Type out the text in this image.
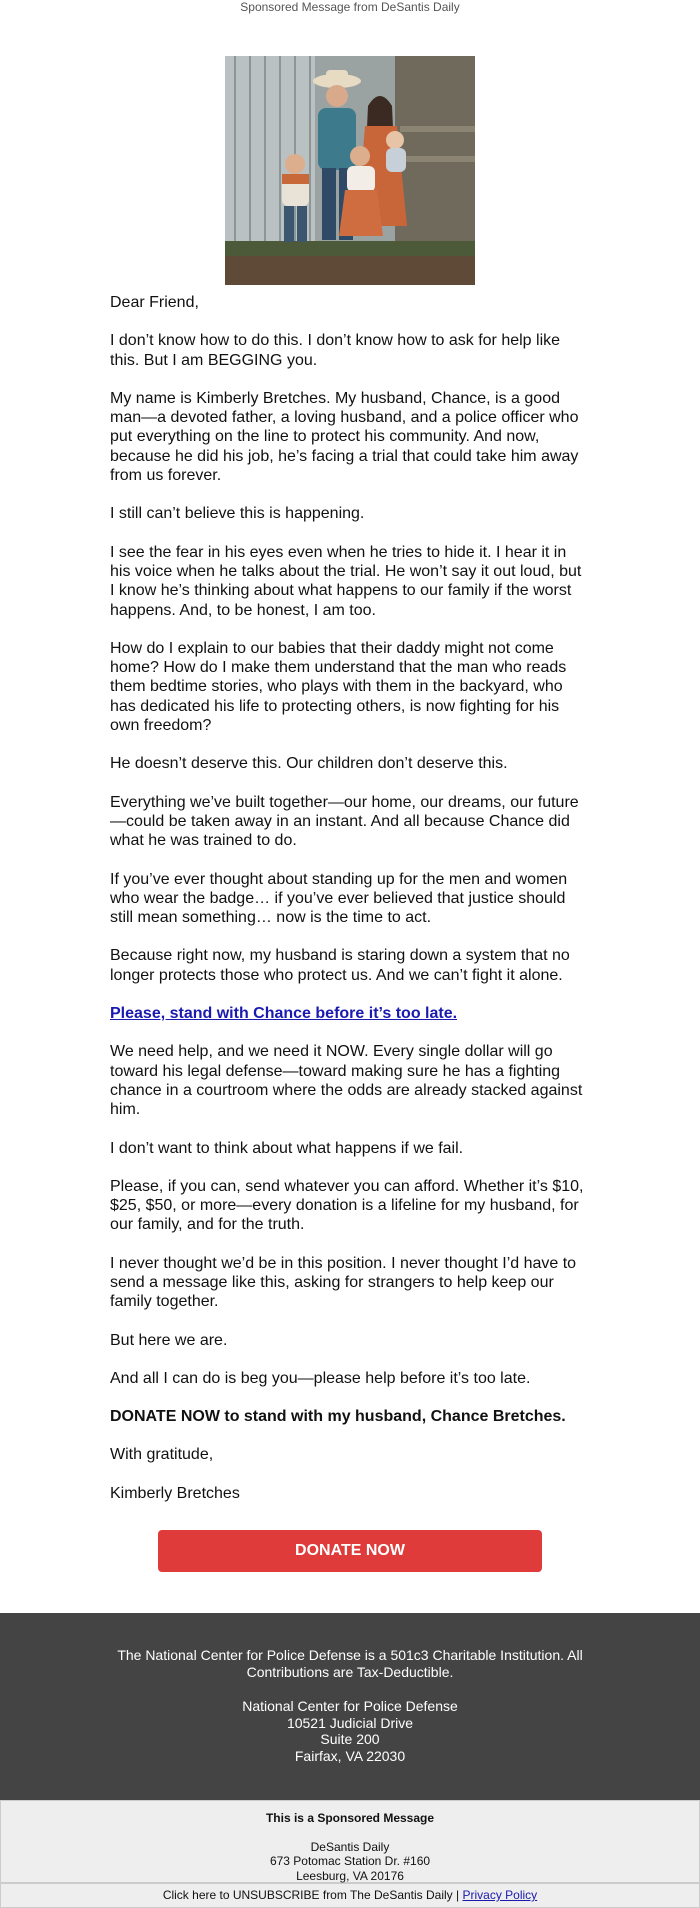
Sponsored Message from DeSantis Daily

Dear Friend,

I don’t know how to do this. I don’t know how to ask for help like this. But I am BEGGING you.

My name is Kimberly Bretches. My husband, Chance, is a good man—a devoted father, a loving husband, and a police officer who put everything on the line to protect his community. And now, because he did his job, he’s facing a trial that could take him away from us forever.

I still can’t believe this is happening.

I see the fear in his eyes even when he tries to hide it. I hear it in his voice when he talks about the trial. He won’t say it out loud, but I know he’s thinking about what happens to our family if the worst happens. And, to be honest, I am too.

How do I explain to our babies that their daddy might not come home? How do I make them understand that the man who reads them bedtime stories, who plays with them in the backyard, who has dedicated his life to protecting others, is now fighting for his own freedom?

He doesn’t deserve this. Our children don’t deserve this.

Everything we’ve built together—our home, our dreams, our future—could be taken away in an instant. And all because Chance did what he was trained to do.

If you’ve ever thought about standing up for the men and women who wear the badge… if you’ve ever believed that justice should still mean something… now is the time to act.

Because right now, my husband is staring down a system that no longer protects those who protect us. And we can’t fight it alone.

Please, stand with Chance before it’s too late.

We need help, and we need it NOW. Every single dollar will go toward his legal defense—toward making sure he has a fighting chance in a courtroom where the odds are already stacked against him.

I don’t want to think about what happens if we fail.

Please, if you can, send whatever you can afford. Whether it’s $10, $25, $50, or more—every donation is a lifeline for my husband, for our family, and for the truth.

I never thought we’d be in this position. I never thought I’d have to send a message like this, asking for strangers to help keep our family together.

But here we are.

And all I can do is beg you—please help before it’s too late.

DONATE NOW to stand with my husband, Chance Bretches.

With gratitude,

Kimberly Bretches

DONATE NOW
The National Center for Police Defense is a 501c3 Charitable Institution. All Contributions are Tax-Deductible.
National Center for Police Defense
10521 Judicial Drive
Suite 200
Fairfax, VA 22030
This is a Sponsored Message
DeSantis Daily
673 Potomac Station Dr. #160
Leesburg, VA 20176
Click here to UNSUBSCRIBE from The DeSantis Daily | Privacy Policy
